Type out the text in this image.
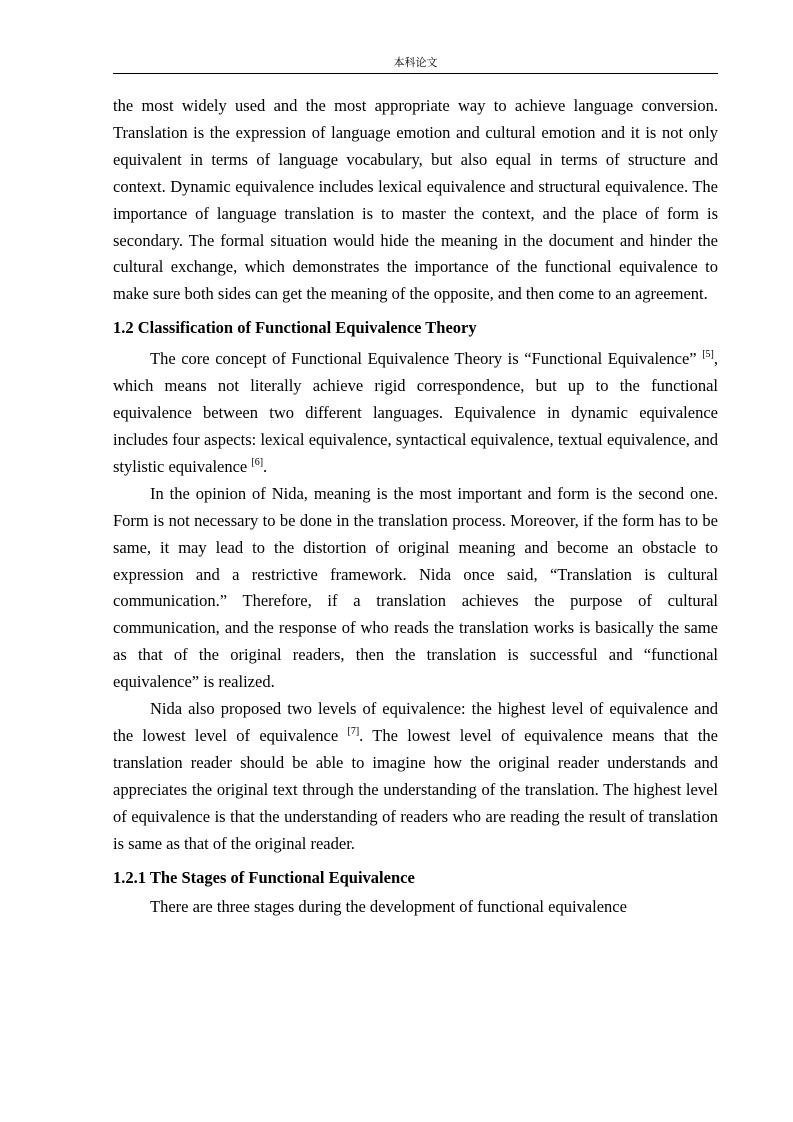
本科论文

the most widely used and the most appropriate way to achieve language conversion. Translation is the expression of language emotion and cultural emotion and it is not only equivalent in terms of language vocabulary, but also equal in terms of structure and context. Dynamic equivalence includes lexical equivalence and structural equivalence. The importance of language translation is to master the context, and the place of form is secondary. The formal situation would hide the meaning in the document and hinder the cultural exchange, which demonstrates the importance of the functional equivalence to make sure both sides can get the meaning of the opposite, and then come to an agreement.

1.2 Classification of Functional Equivalence Theory

The core concept of Functional Equivalence Theory is “Functional Equivalence” [5], which means not literally achieve rigid correspondence, but up to the functional equivalence between two different languages. Equivalence in dynamic equivalence includes four aspects: lexical equivalence, syntactical equivalence, textual equivalence, and stylistic equivalence [6].

In the opinion of Nida, meaning is the most important and form is the second one. Form is not necessary to be done in the translation process. Moreover, if the form has to be same, it may lead to the distortion of original meaning and become an obstacle to expression and a restrictive framework. Nida once said, “Translation is cultural communication.” Therefore, if a translation achieves the purpose of cultural communication, and the response of who reads the translation works is basically the same as that of the original readers, then the translation is successful and “functional equivalence” is realized.

Nida also proposed two levels of equivalence: the highest level of equivalence and the lowest level of equivalence [7]. The lowest level of equivalence means that the translation reader should be able to imagine how the original reader understands and appreciates the original text through the understanding of the translation. The highest level of equivalence is that the understanding of readers who are reading the result of translation is same as that of the original reader.

1.2.1 The Stages of Functional Equivalence

There are three stages during the development of functional equivalence
